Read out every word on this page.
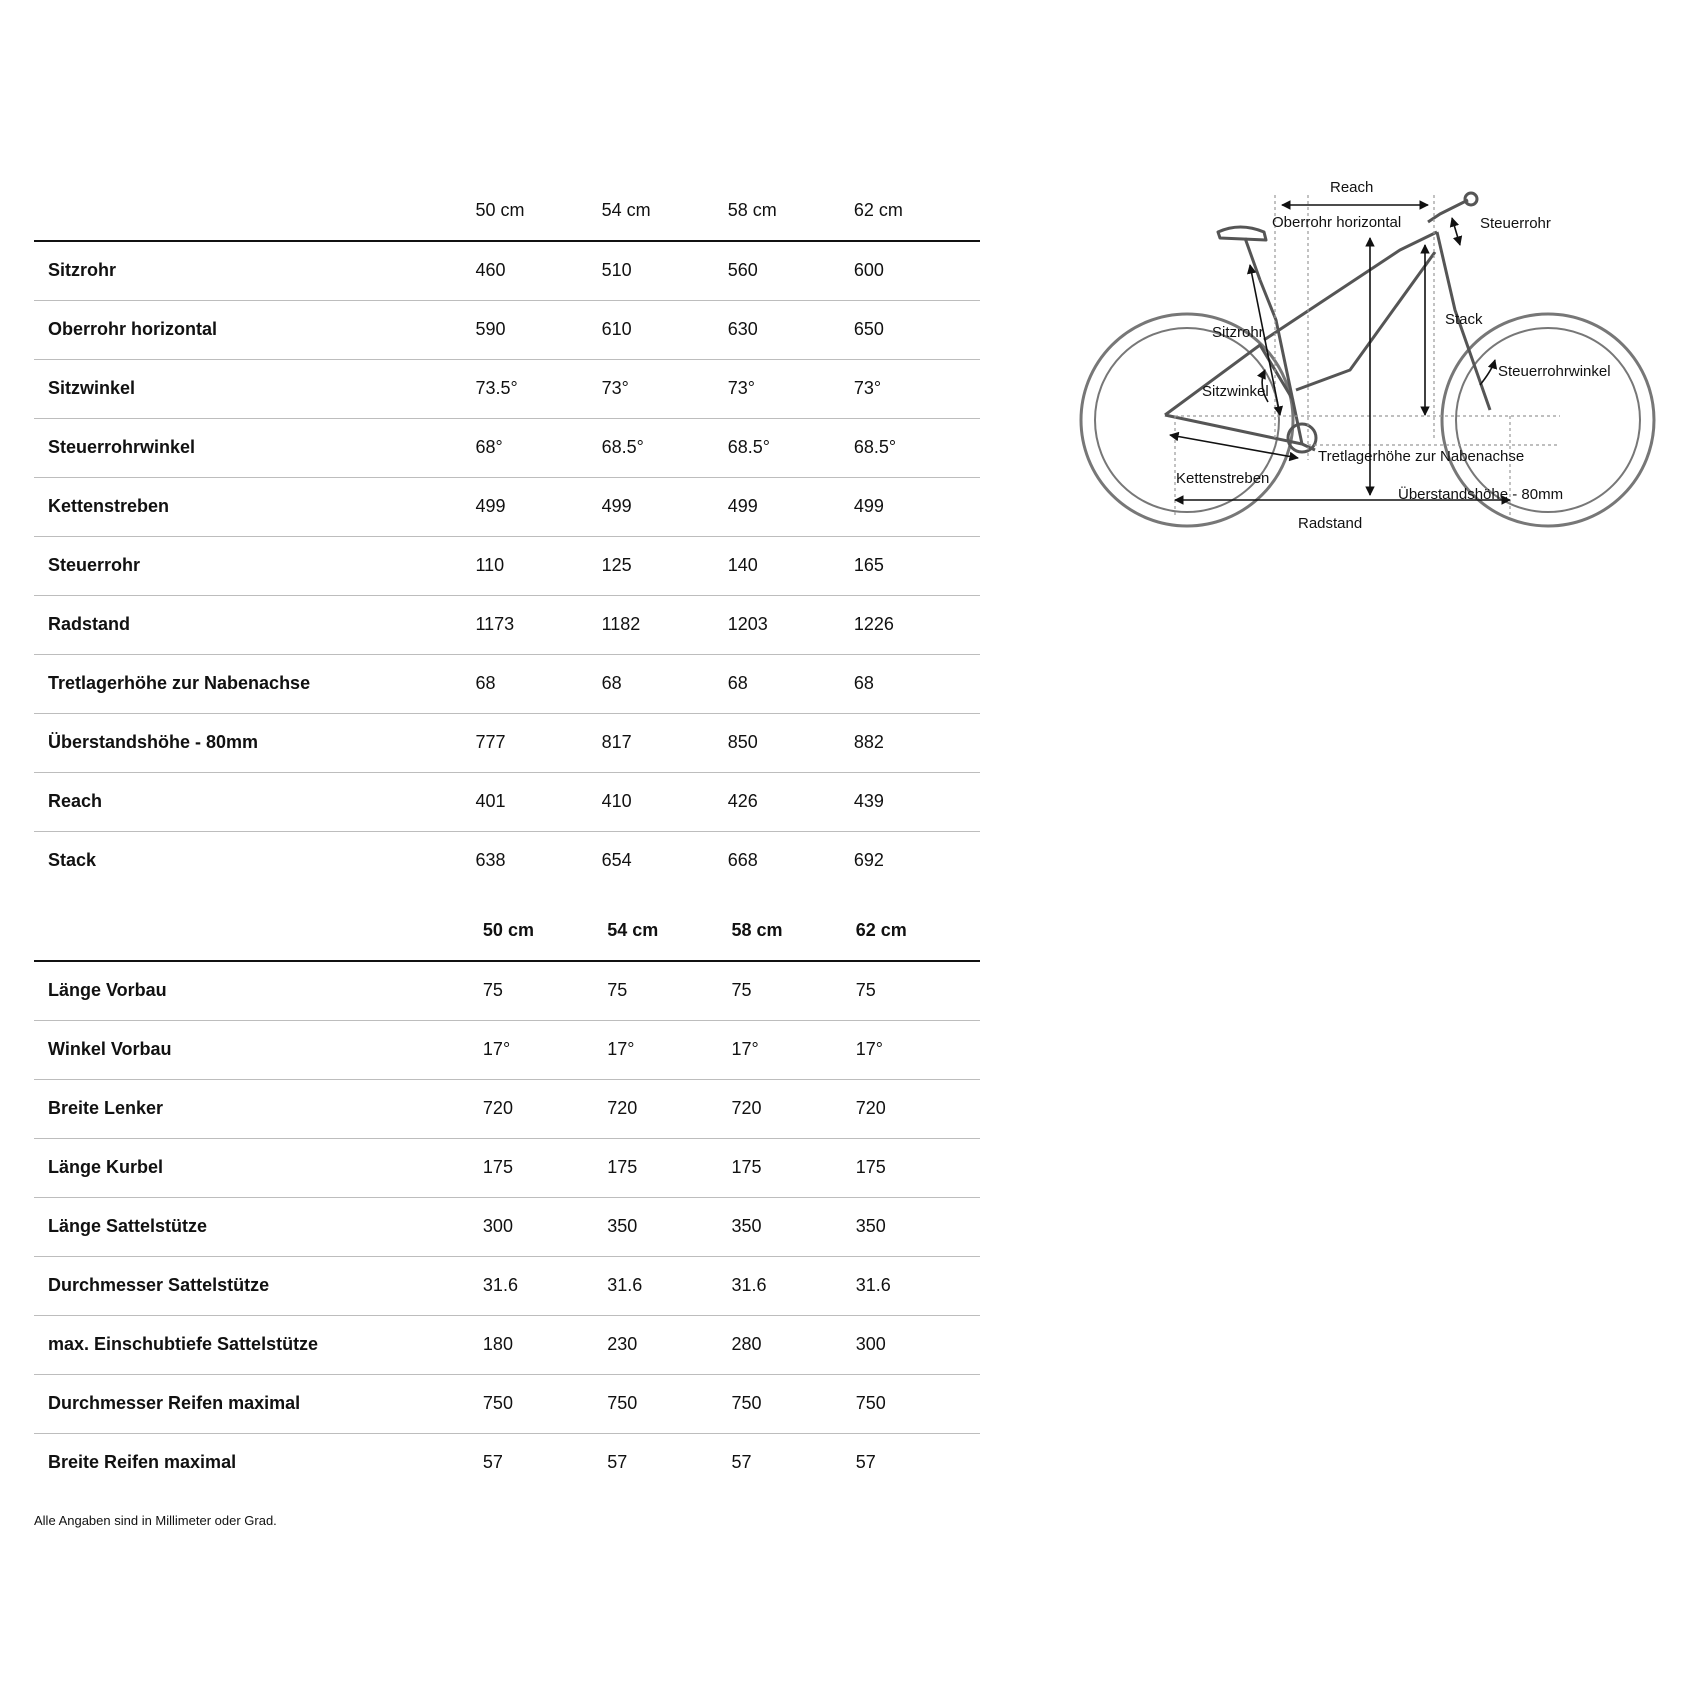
	50 cm	54 cm	58 cm	62 cm
Sitzrohr	460	510	560	600
Oberrohr horizontal	590	610	630	650
Sitzwinkel	73.5°	73°	73°	73°
Steuerrohrwinkel	68°	68.5°	68.5°	68.5°
Kettenstreben	499	499	499	499
Steuerrohr	110	125	140	165
Radstand	1173	1182	1203	1226
Tretlagerhöhe zur Nabenachse	68	68	68	68
Überstandshöhe - 80mm	777	817	850	882
Reach	401	410	426	439
Stack	638	654	668	692
	50 cm	54 cm	58 cm	62 cm
Länge Vorbau	75	75	75	75
Winkel Vorbau	17°	17°	17°	17°
Breite Lenker	720	720	720	720
Länge Kurbel	175	175	175	175
Länge Sattelstütze	300	350	350	350
Durchmesser Sattelstütze	31.6	31.6	31.6	31.6
max. Einschubtiefe Sattelstütze	180	230	280	300
Durchmesser Reifen maximal	750	750	750	750
Breite Reifen maximal	57	57	57	57
Alle Angaben sind in Millimeter oder Grad.
Reach
Oberrohr horizontal	Steuerrohr
Stack
Sitzrohr
Sitzwinkel
Steuerrohrwinkel
Tretlagerhöhe zur Nabenachse
Kettenstreben
Überstandshöhe - 80mm
Radstand
